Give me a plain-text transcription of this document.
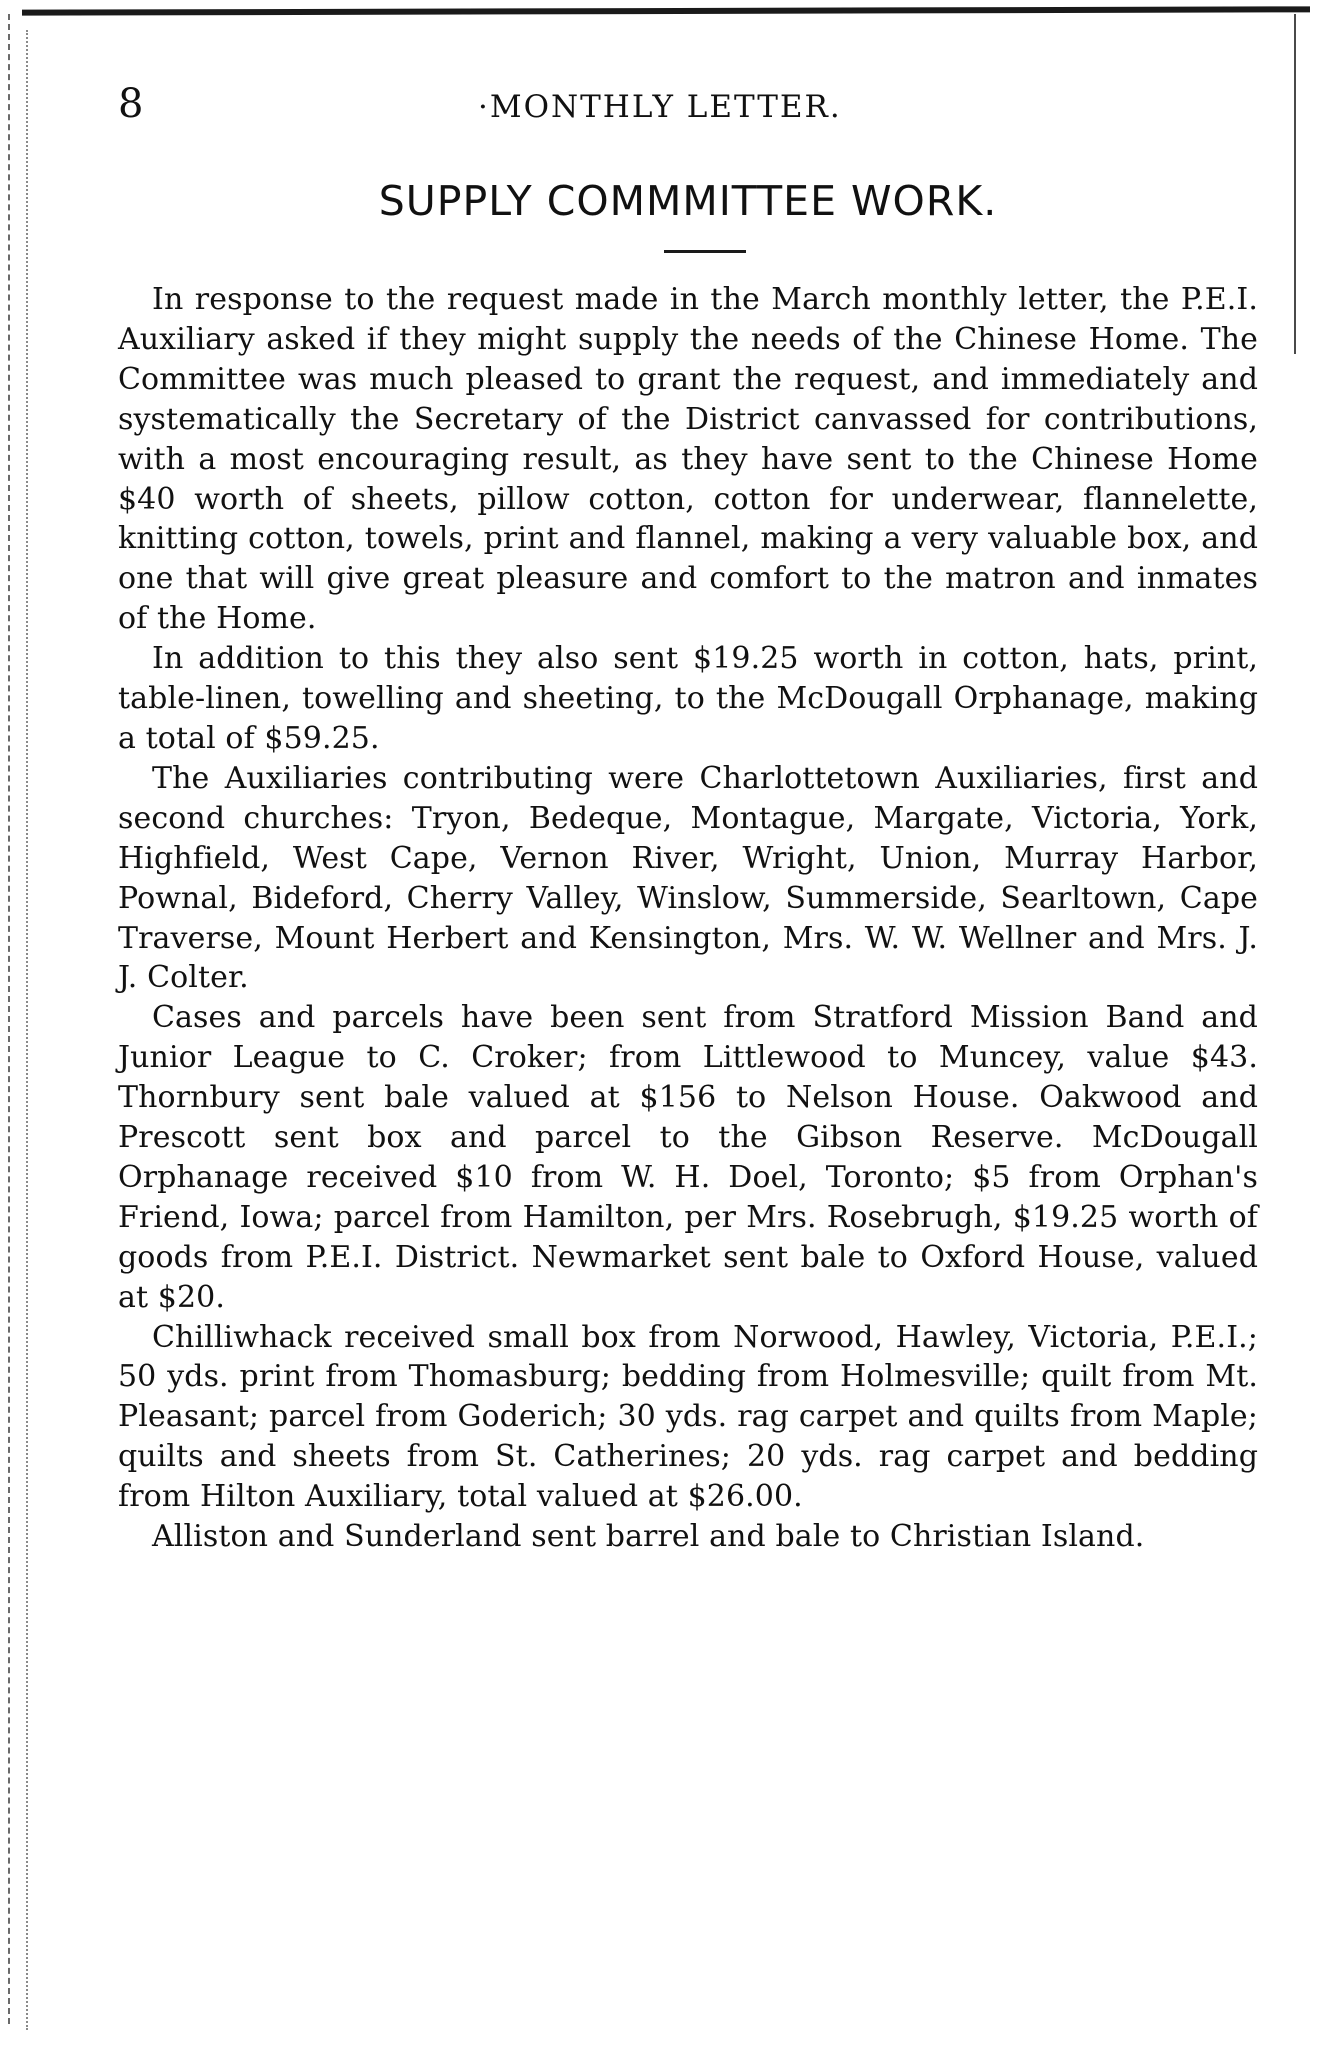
8	·MONTHLY LETTER.
SUPPLY COMMMITTEE WORK.

In response to the request made in the March monthly letter, the P.E.I. Auxiliary asked if they might supply the needs of the Chinese Home. The Committee was much pleased to grant the request, and immediately and systematically the Secretary of the District canvassed for contributions, with a most encouraging result, as they have sent to the Chinese Home $40 worth of sheets, pillow cotton, cotton for underwear, flannelette, knitting cotton, towels, print and flannel, making a very valuable box, and one that will give great pleasure and comfort to the matron and inmates of the Home.

In addition to this they also sent $19.25 worth in cotton, hats, print, table-linen, towelling and sheeting, to the McDougall Orphanage, making a total of $59.25.

The Auxiliaries contributing were Charlottetown Auxiliaries, first and second churches: Tryon, Bedeque, Montague, Margate, Victoria, York, Highfield, West Cape, Vernon River, Wright, Union, Murray Harbor, Pownal, Bideford, Cherry Valley, Winslow, Summerside, Searltown, Cape Traverse, Mount Herbert and Kensington, Mrs. W. W. Wellner and Mrs. J. J. Colter.

Cases and parcels have been sent from Stratford Mission Band and Junior League to C. Croker; from Littlewood to Muncey, value $43. Thornbury sent bale valued at $156 to Nelson House. Oakwood and Prescott sent box and parcel to the Gibson Reserve. McDougall Orphanage received $10 from W. H. Doel, Toronto; $5 from Orphan's Friend, Iowa; parcel from Hamilton, per Mrs. Rosebrugh, $19.25 worth of goods from P.E.I. District. Newmarket sent bale to Oxford House, valued at $20.

Chilliwhack received small box from Norwood, Hawley, Victoria, P.E.I.; 50 yds. print from Thomasburg; bedding from Holmesville; quilt from Mt. Pleasant; parcel from Goderich; 30 yds. rag carpet and quilts from Maple; quilts and sheets from St. Catherines; 20 yds. rag carpet and bedding from Hilton Auxiliary, total valued at $26.00.

Alliston and Sunderland sent barrel and bale to Christian Island.
